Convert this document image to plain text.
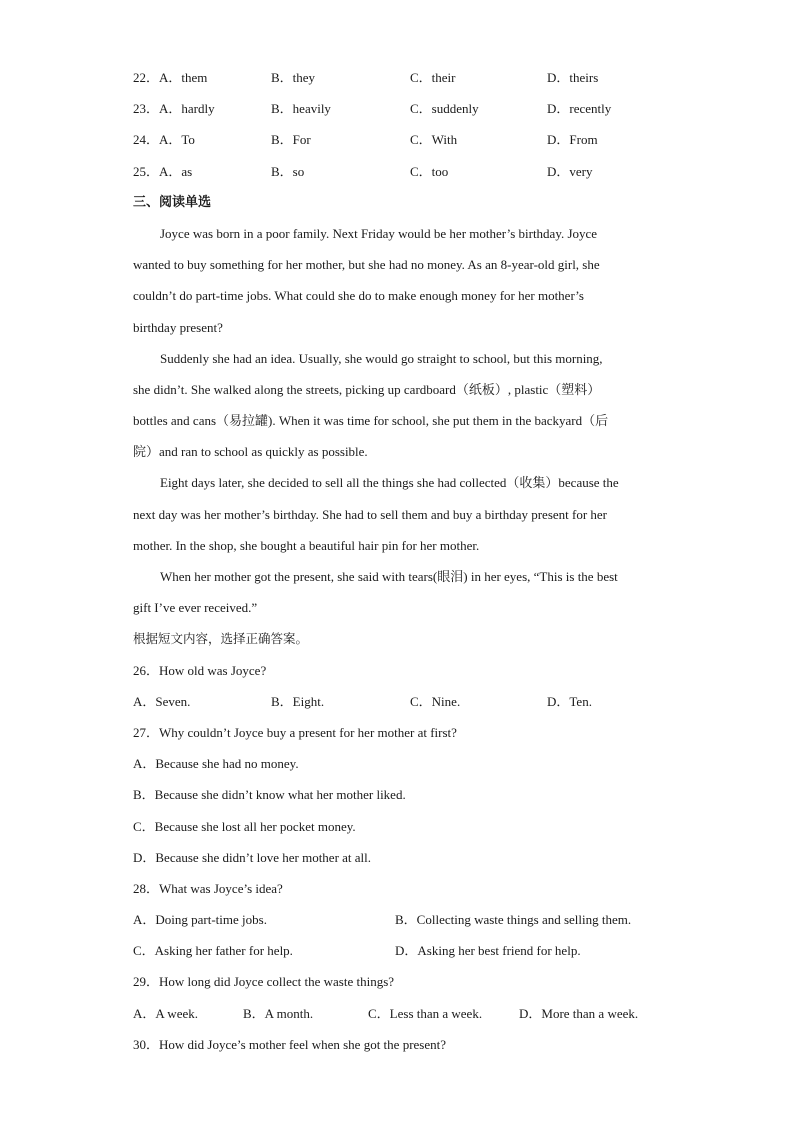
22．A．them	B．they	C．their	D．theirs
23．A．hardly	B．heavily	C．suddenly	D．recently
24．A．To	B．For	C．With	D．From
25．A．as	B．so	C．too	D．very
三、阅读单选
Joyce was born in a poor family. Next Friday would be her mother’s birthday. Joyce
wanted to buy something for her mother, but she had no money. As an 8-year-old girl, she
couldn’t do part-time jobs. What could she do to make enough money for her mother’s
birthday present?
Suddenly she had an idea. Usually, she would go straight to school, but this morning,
she didn’t. She walked along the streets, picking up cardboard（纸板）, plastic（塑料）
bottles and cans（易拉罐). When it was time for school, she put them in the backyard（后
院）and ran to school as quickly as possible.
Eight days later, she decided to sell all the things she had collected（收集）because the
next day was her mother’s birthday. She had to sell them and buy a birthday present for her
mother. In the shop, she bought a beautiful hair pin for her mother.
When her mother got the present, she said with tears(眼泪) in her eyes, “This is the best
gift I’ve ever received.”
根据短文内容，选择正确答案。
26．How old was Joyce?
A．Seven.	B．Eight.	C．Nine.	D．Ten.
27．Why couldn’t Joyce buy a present for her mother at first?
A．Because she had no money.
B．Because she didn’t know what her mother liked.
C．Because she lost all her pocket money.
D．Because she didn’t love her mother at all.
28．What was Joyce’s idea?
A．Doing part-time jobs.	B．Collecting waste things and selling them.
C．Asking her father for help.	D．Asking her best friend for help.
29．How long did Joyce collect the waste things?
A．A week.	B．A month.	C．Less than a week.	D．More than a week.
30．How did Joyce’s mother feel when she got the present?
